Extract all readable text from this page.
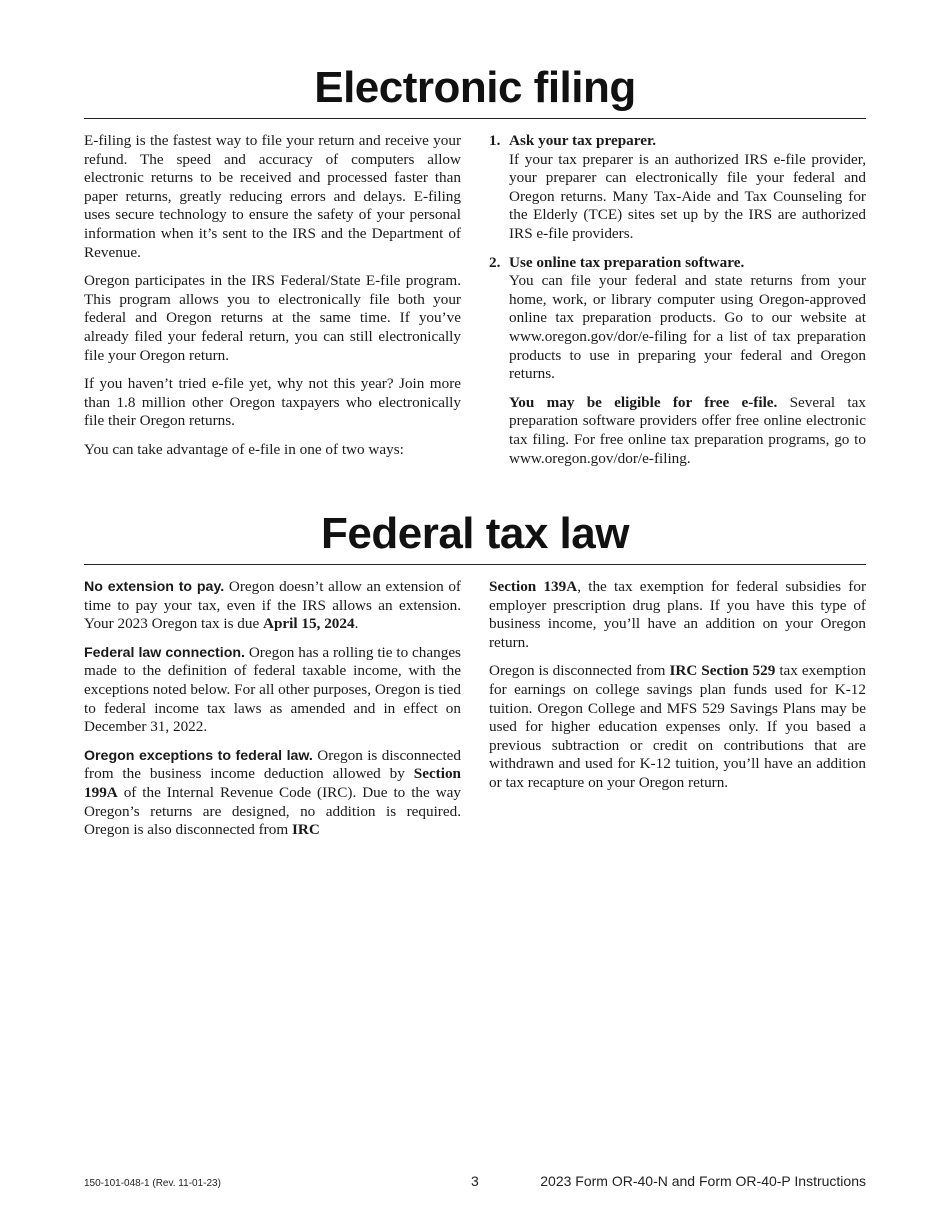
Electronic filing

E-filing is the fastest way to file your return and receive your refund. The speed and accuracy of computers allow electronic returns to be received and processed faster than paper returns, greatly reducing errors and delays. E-filing uses secure technology to ensure the safety of your personal information when it’s sent to the IRS and the Department of Revenue.

Oregon participates in the IRS Federal/State E-file program. This program allows you to electronically file both your federal and Oregon returns at the same time. If you’ve already filed your federal return, you can still electronically file your Oregon return.

If you haven’t tried e-file yet, why not this year? Join more than 1.8 million other Oregon taxpayers who electronically file their Oregon returns.

You can take advantage of e-file in one of two ways:

1. Ask your tax preparer.

If your tax preparer is an authorized IRS e-file provider, your preparer can electronically file your federal and Oregon returns. Many Tax-Aide and Tax Counseling for the Elderly (TCE) sites set up by the IRS are authorized IRS e-file providers.

2. Use online tax preparation software.

You can file your federal and state returns from your home, work, or library computer using Oregon-approved online tax preparation products. Go to our website at www.oregon.gov/dor/e-filing for a list of tax preparation products to use in preparing your federal and Oregon returns.

You may be eligible for free e-file. Several tax preparation software providers offer free online electronic tax filing. For free online tax preparation programs, go to www.oregon.gov/dor/e-filing.

Federal tax law

No extension to pay. Oregon doesn’t allow an extension of time to pay your tax, even if the IRS allows an extension. Your 2023 Oregon tax is due April 15, 2024.

Federal law connection. Oregon has a rolling tie to changes made to the definition of federal taxable income, with the exceptions noted below. For all other purposes, Oregon is tied to federal income tax laws as amended and in effect on December 31, 2022.

Oregon exceptions to federal law. Oregon is disconnected from the business income deduction allowed by Section 199A of the Internal Revenue Code (IRC). Due to the way Oregon’s returns are designed, no addition is required. Oregon is also disconnected from IRC

Section 139A, the tax exemption for federal subsidies for employer prescription drug plans. If you have this type of business income, you’ll have an addition on your Oregon return.

Oregon is disconnected from IRC Section 529 tax exemption for earnings on college savings plan funds used for K-12 tuition. Oregon College and MFS 529 Savings Plans may be used for higher education expenses only. If you based a previous subtraction or credit on contributions that are withdrawn and used for K-12 tuition, you’ll have an addition or tax recapture on your Oregon return.

150-101-048-1 (Rev. 11-01-23)	3	2023 Form OR-40-N and Form OR-40-P Instructions
